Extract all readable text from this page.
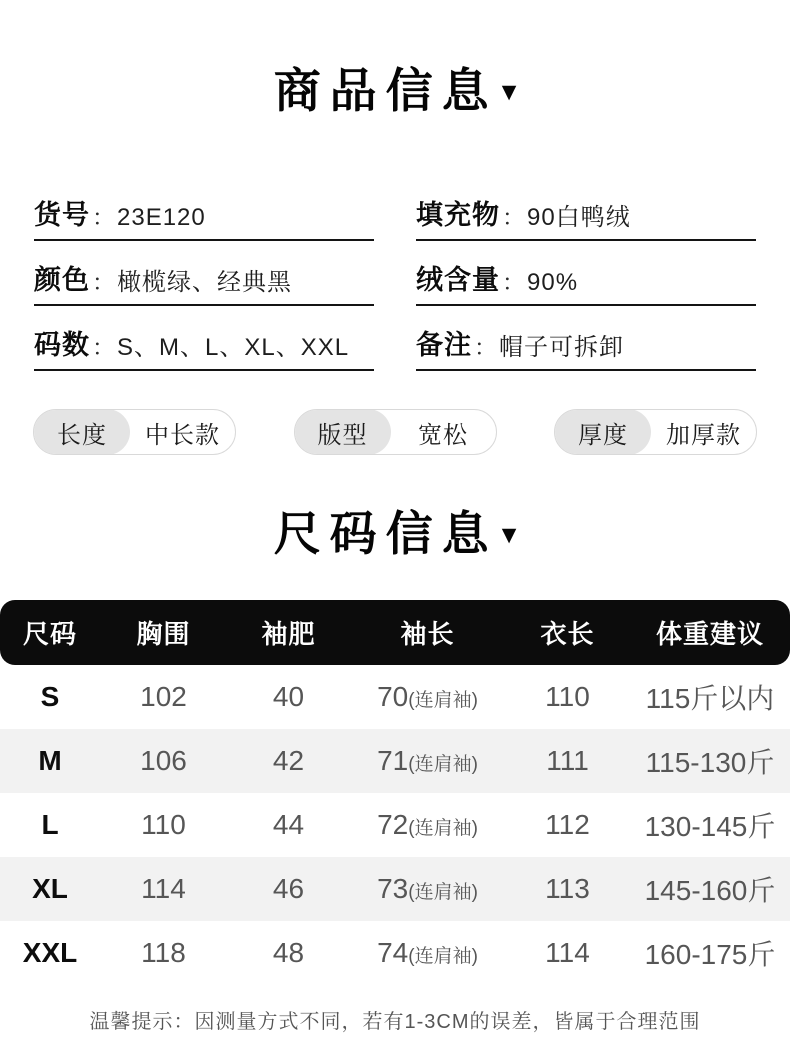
商品信息 ▼
货号 ： 23E120	填充物 ： 90白鸭绒
颜色 ： 橄榄绿、经典黑	绒含量 ： 90%
码数 ： S、M、L、XL、XXL 备注 ： 帽子可拆卸
长度	中长款	版型	宽松	厚度	加厚款
尺码信息 ▼
尺码	胸围	袖肥	袖长	衣长	体重建议
S	102	40	70(连肩袖)	110	115斤以内
M	106	42	71(连肩袖)	111	115-130斤
L	110	44	72(连肩袖)	112	130-145斤
XL	114	46	73(连肩袖)	113	145-160斤
XXL	118	48	74(连肩袖)	114	160-175斤
温馨提示：因测量方式不同，若有1-3CM的误差，皆属于合理范围
